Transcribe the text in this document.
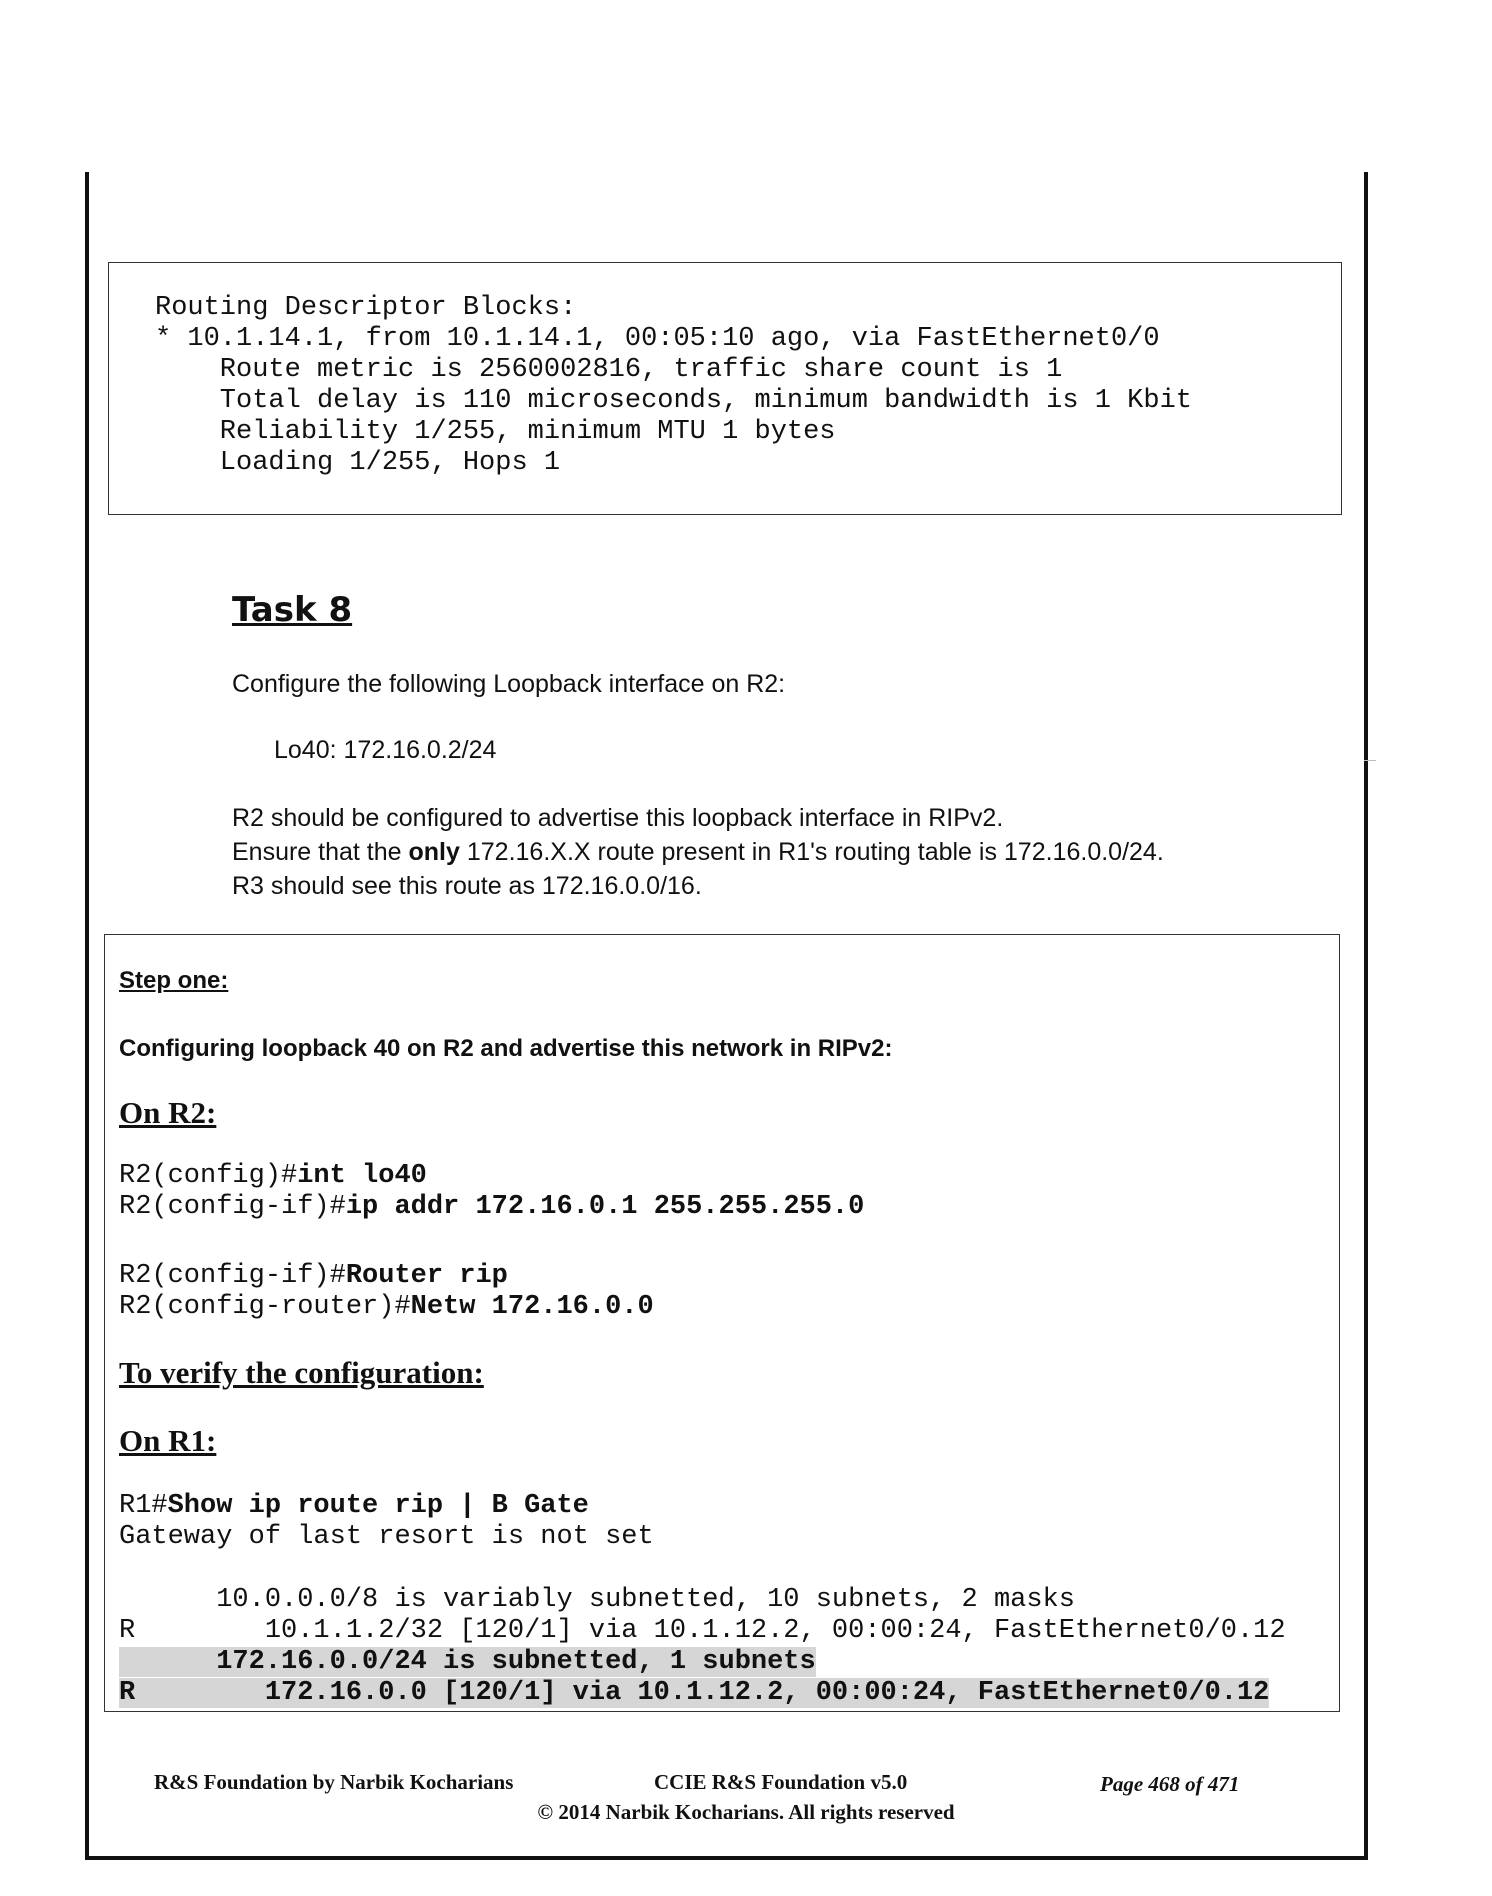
Routing Descriptor Blocks:
* 10.1.14.1, from 10.1.14.1, 00:05:10 ago, via FastEthernet0/0
Route metric is 2560002816, traffic share count is 1
Total delay is 110 microseconds, minimum bandwidth is 1 Kbit
Reliability 1/255, minimum MTU 1 bytes
Loading 1/255, Hops 1
Task 8
Configure the following Loopback interface on R2:
Lo40: 172.16.0.2/24
R2 should be configured to advertise this loopback interface in RIPv2.
Ensure that the only 172.16.X.X route present in R1's routing table is 172.16.0.0/24.
R3 should see this route as 172.16.0.0/16.
Step one:
Configuring loopback 40 on R2 and advertise this network in RIPv2:
On R2:
R2(config)#int lo40
R2(config-if)#ip addr 172.16.0.1 255.255.255.0
R2(config-if)#Router rip
R2(config-router)#Netw 172.16.0.0
To verify the configuration:
On R1:
R1#Show ip route rip | B Gate
Gateway of last resort is not set
10.0.0.0/8 is variably subnetted, 10 subnets, 2 masks
R        10.1.1.2/32 [120/1] via 10.1.12.2, 00:00:24, FastEthernet0/0.12
172.16.0.0/24 is subnetted, 1 subnets
R        172.16.0.0 [120/1] via 10.1.12.2, 00:00:24, FastEthernet0/0.12
R&S Foundation by Narbik Kocharians	CCIE R&S Foundation v5.0	Page 468 of 471
© 2014 Narbik Kocharians. All rights reserved
